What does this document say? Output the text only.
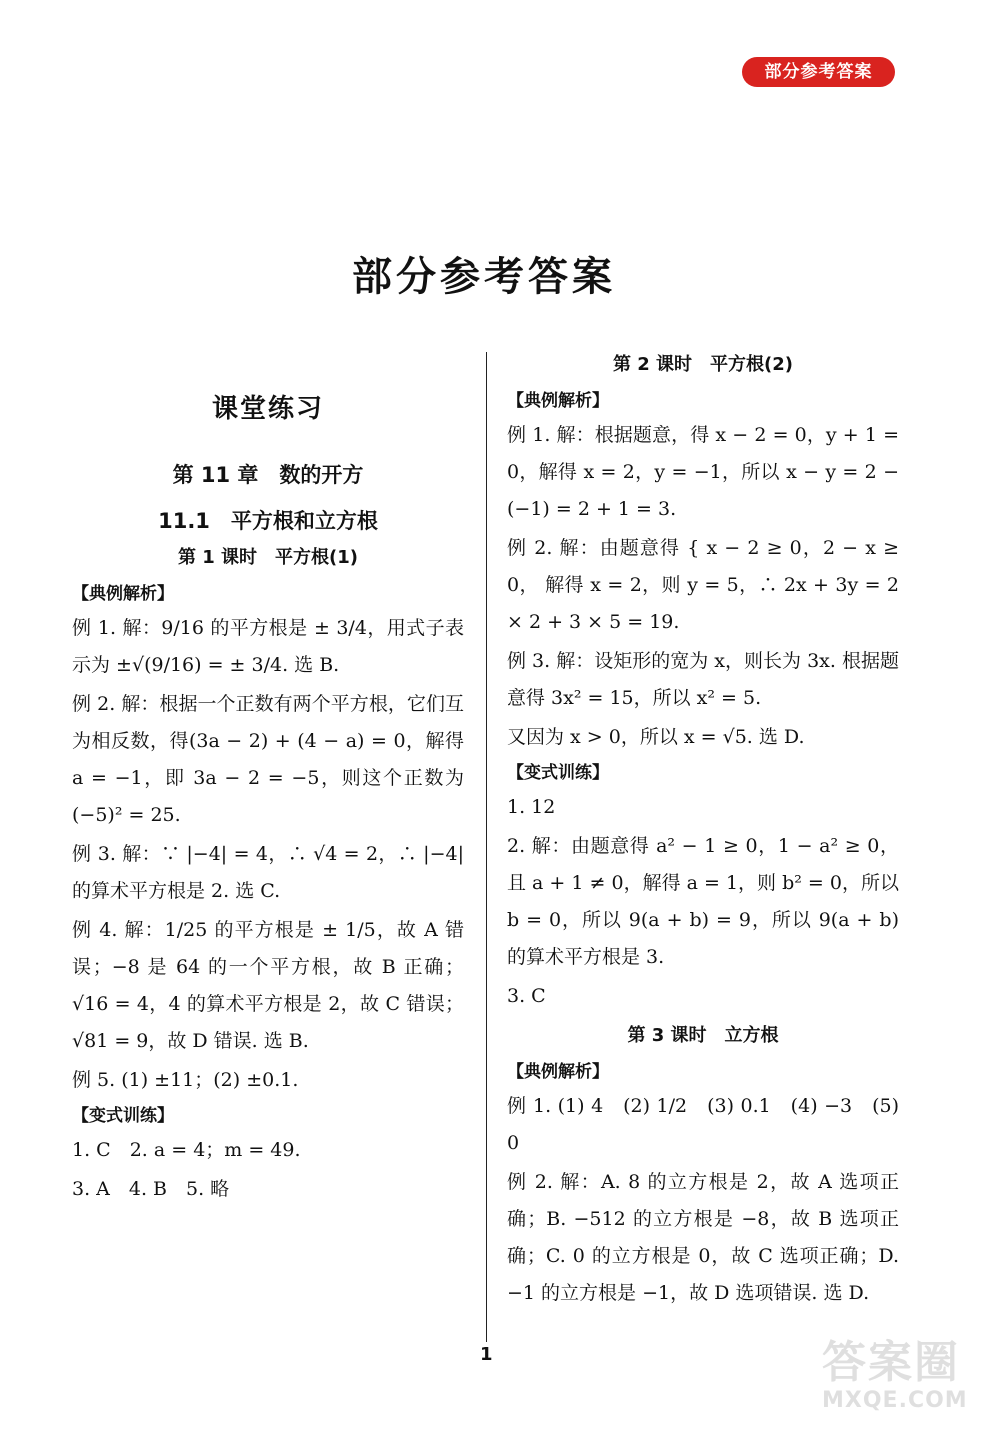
部分参考答案
部分参考答案
课堂练习
第 11 章　数的开方
11.1　平方根和立方根
第 1 课时　平方根(1)
【典例解析】

例 1. 解：9/16 的平方根是 ± 3/4，用式子表示为 ±√(9/16) = ± 3/4. 选 B.

例 2. 解：根据一个正数有两个平方根，它们互为相反数，得(3a − 2) + (4 − a) = 0，解得 a = −1，即 3a − 2 = −5，则这个正数为 (−5)² = 25.

例 3. 解：∵ |−4| = 4，∴ √4 = 2，∴ |−4| 的算术平方根是 2. 选 C.

例 4. 解：1/25 的平方根是 ± 1/5，故 A 错误；−8 是 64 的一个平方根，故 B 正确；√16 = 4，4 的算术平方根是 2，故 C 错误；√81 = 9，故 D 错误. 选 B.

例 5. (1) ±11；(2) ±0.1.

【变式训练】

1. C　2. a = 4；m = 49.

3. A　4. B　5. 略

第 2 课时　平方根(2)
【典例解析】

例 1. 解：根据题意，得 x − 2 = 0，y + 1 = 0，解得 x = 2，y = −1，所以 x − y = 2 − (−1) = 2 + 1 = 3.

例 2. 解：由题意得 { x − 2 ≥ 0，2 − x ≥ 0， 解得 x = 2，则 y = 5，∴ 2x + 3y = 2 × 2 + 3 × 5 = 19.

例 3. 解：设矩形的宽为 x，则长为 3x. 根据题意得 3x² = 15，所以 x² = 5.

又因为 x > 0，所以 x = √5. 选 D.

【变式训练】

1. 12

2. 解：由题意得 a² − 1 ≥ 0，1 − a² ≥ 0，且 a + 1 ≠ 0，解得 a = 1，则 b² = 0，所以 b = 0，所以 9(a + b) = 9，所以 9(a + b) 的算术平方根是 3.

3. C

第 3 课时　立方根
【典例解析】

例 1. (1) 4　(2) 1/2　(3) 0.1　(4) −3　(5) 0

例 2. 解：A. 8 的立方根是 2，故 A 选项正确；B. −512 的立方根是 −8，故 B 选项正确；C. 0 的立方根是 0，故 C 选项正确；D. −1 的立方根是 −1，故 D 选项错误. 选 D.

1	答案圈
MXQE.COM
